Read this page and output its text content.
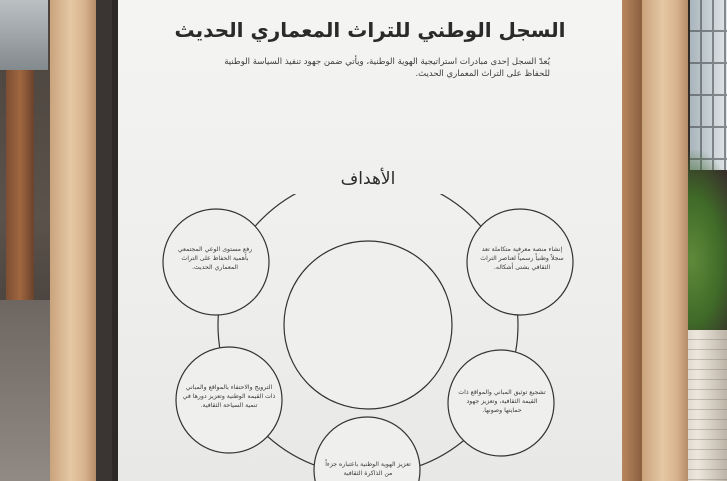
السجل الوطني للتراث المعماري الحديث
يُعدّ السجل إحدى مبادرات استراتيجية الهوية الوطنية، ويأتي ضمن جهود تنفيذ السياسة الوطنية للحفاظ على التراث المعماري الحديث.
الأهداف
رفع مستوى الوعي المجتمعي بأهمية الحفاظ على التراث المعماري الحديث.
إنشاء منصة معرفية متكاملة تعد سجلاً وطنياً رسمياً لعناصر التراث الثقافي بشتى أشكاله.
الترويج والاحتفاء بالمواقع والمباني ذات القيمة الوطنية وتعزيز دورها في تنمية السياحة الثقافية.
تشجيع توثيق المباني والمواقع ذات القيمة الثقافية، وتعزيز جهود حمايتها وصونها.
تعزيز الهوية الوطنية باعتباره جزءاً من الذاكرة الثقافية
